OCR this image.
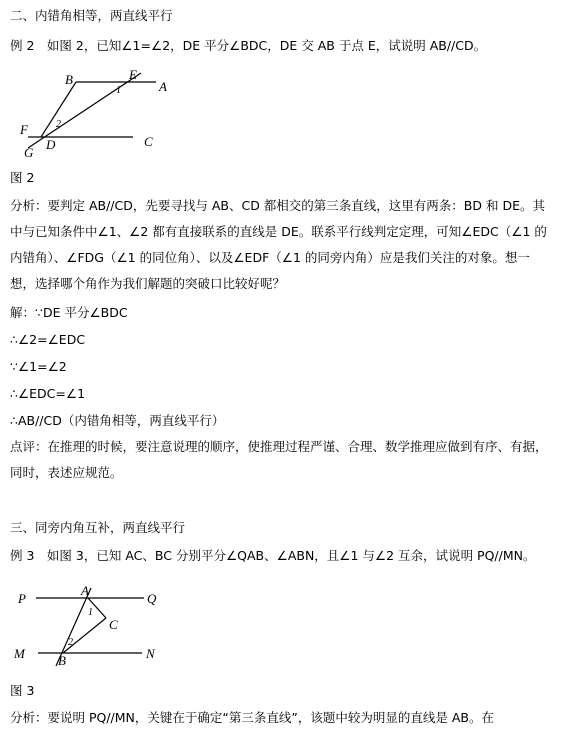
二、内错角相等，两直线平行
例 2　如图 2，已知∠1=∠2，DE 平分∠BDC，DE 交 AB 于点 E，试说明 AB//CD。
B	E
A
F
G
D	C
1
2
图 2
分析：要判定 AB//CD，先要寻找与 AB、CD 都相交的第三条直线，这里有两条：BD 和 DE。其中与已知条件中∠1、∠2 都有直接联系的直线是 DE。联系平行线判定定理，可知∠EDC（∠1 的内错角）、∠FDG（∠1 的同位角）、以及∠EDF（∠1 的同旁内角）应是我们关注的对象。想一想，选择哪个角作为我们解题的突破口比较好呢？
解：∵DE 平分∠BDC
∴∠2=∠EDC
∵∠1=∠2
∴∠EDC=∠1
∴AB//CD（内错角相等，两直线平行）
点评：在推理的时候，要注意说理的顺序，使推理过程严谨、合理、数学推理应做到有序、有据，同时，表述应规范。
三、同旁内角互补，两直线平行
例 3　如图 3，已知 AC、BC 分别平分∠QAB、∠ABN，且∠1 与∠2 互余，试说明 PQ//MN。
P
A
Q
C
M	B	N
1
2
图 3
分析：要说明 PQ//MN，关键在于确定“第三条直线”，该题中较为明显的直线是 AB。在
